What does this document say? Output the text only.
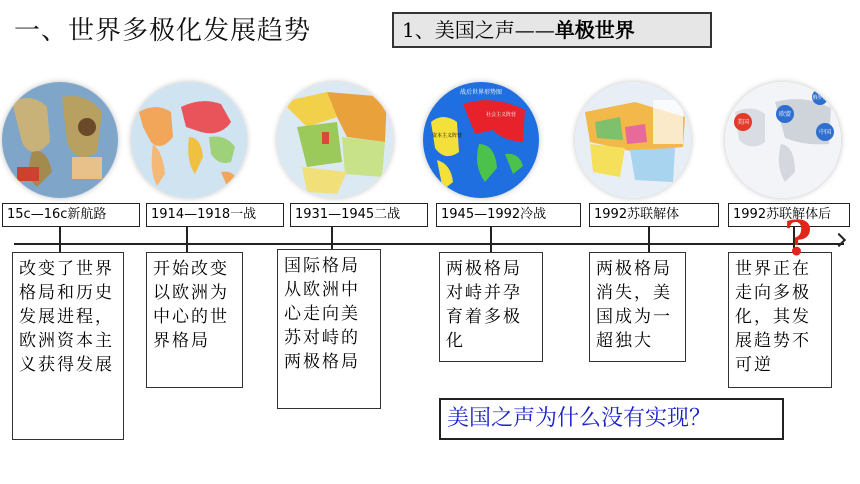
一、世界多极化发展趋势	1、美国之声——单极世界
战后世界形势图
社会主义阵营
资本主义阵营
俄罗斯
美国
欧盟
中国
15c—16c新航路	1914—1918一战	1931—1945二战	1945—1992冷战	1992苏联解体	1992苏联解体后
改变了世界格局和历史发展进程，欧洲资本主义获得发展
开始改变以欧洲为中心的世界格局
国际格局从欧洲中心走向美苏对峙的两极格局
两极格局对峙并孕育着多极化
两极格局消失，美国成为一超独大
世界正在走向多极化，其发展趋势不可逆
?
美国之声为什么没有实现？
